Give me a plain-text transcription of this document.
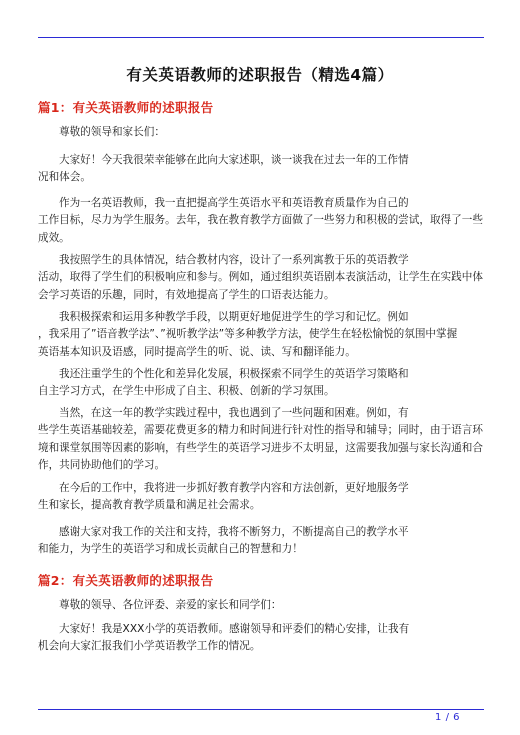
有关英语教师的述职报告（精选4篇）
篇1：有关英语教师的述职报告
尊敬的领导和家长们：
大家好！今天我很荣幸能够在此向大家述职，谈一谈我在过去一年的工作情
况和体会。
作为一名英语教师，我一直把提高学生英语水平和英语教育质量作为自己的
工作目标，尽力为学生服务。去年，我在教育教学方面做了一些努力和积极的尝试，取得了一些
成效。
我按照学生的具体情况，结合教材内容，设计了一系列寓教于乐的英语教学
活动，取得了学生们的积极响应和参与。例如，通过组织英语剧本表演活动，让学生在实践中体
会学习英语的乐趣，同时，有效地提高了学生的口语表达能力。
我积极探索和运用多种教学手段，以期更好地促进学生的学习和记忆。例如
，我采用了”语音教学法”、”视听教学法”等多种教学方法，使学生在轻松愉悦的氛围中掌握
英语基本知识及语感，同时提高学生的听、说、读、写和翻译能力。
我还注重学生的个性化和差异化发展，积极探索不同学生的英语学习策略和
自主学习方式，在学生中形成了自主、积极、创新的学习氛围。
当然，在这一年的教学实践过程中，我也遇到了一些问题和困难。例如，有
些学生英语基础较差，需要花费更多的精力和时间进行针对性的指导和辅导；同时，由于语言环
境和课堂氛围等因素的影响，有些学生的英语学习进步不太明显，这需要我加强与家长沟通和合
作，共同协助他们的学习。
在今后的工作中，我将进一步抓好教育教学内容和方法创新，更好地服务学
生和家长，提高教育教学质量和满足社会需求。
感谢大家对我工作的关注和支持，我将不断努力，不断提高自己的教学水平
和能力，为学生的英语学习和成长贡献自己的智慧和力！
篇2：有关英语教师的述职报告
尊敬的领导、各位评委、亲爱的家长和同学们：
大家好！我是XXX小学的英语教师。感谢领导和评委们的精心安排，让我有
机会向大家汇报我们小学英语教学工作的情况。
1 / 6
